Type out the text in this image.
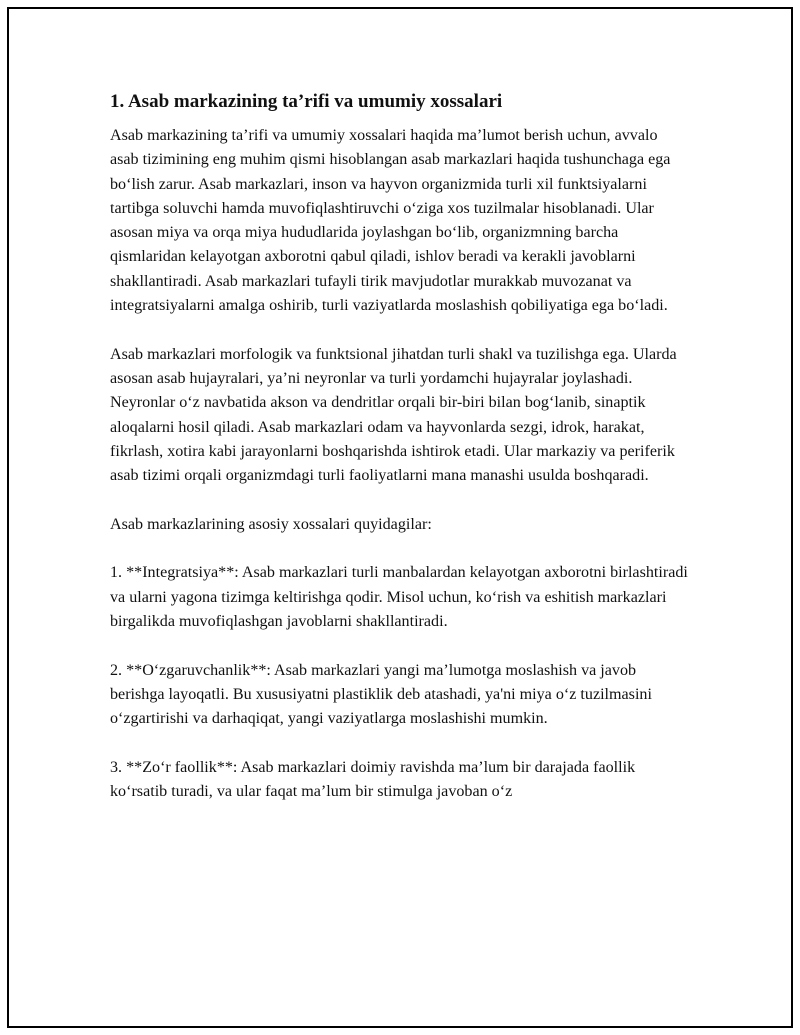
1. Asab markazining ta’rifi va umumiy xossalari

Asab markazining ta’rifi va umumiy xossalari haqida ma’lumot berish uchun, avvalo asab tizimining eng muhim qismi hisoblangan asab markazlari haqida tushunchaga ega bo‘lish zarur. Asab markazlari, inson va hayvon organizmida turli xil funktsiyalarni tartibga soluvchi hamda muvofiqlashtiruvchi o‘ziga xos tuzilmalar hisoblanadi. Ular asosan miya va orqa miya hududlarida joylashgan bo‘lib, organizmning barcha qismlaridan kelayotgan axborotni qabul qiladi, ishlov beradi va kerakli javoblarni shakllantiradi. Asab markazlari tufayli tirik mavjudotlar murakkab muvozanat va integratsiyalarni amalga oshirib, turli vaziyatlarda moslashish qobiliyatiga ega bo‘ladi.

Asab markazlari morfologik va funktsional jihatdan turli shakl va tuzilishga ega. Ularda asosan asab hujayralari, ya’ni neyronlar va turli yordamchi hujayralar joylashadi. Neyronlar o‘z navbatida akson va dendritlar orqali bir-biri bilan bog‘lanib, sinaptik aloqalarni hosil qiladi. Asab markazlari odam va hayvonlarda sezgi, idrok, harakat, fikrlash, xotira kabi jarayonlarni boshqarishda ishtirok etadi. Ular markaziy va periferik asab tizimi orqali organizmdagi turli faoliyatlarni mana manashi usulda boshqaradi.

Asab markazlarining asosiy xossalari quyidagilar:

1. **Integratsiya**: Asab markazlari turli manbalardan kelayotgan axborotni birlashtiradi va ularni yagona tizimga keltirishga qodir. Misol uchun, ko‘rish va eshitish markazlari birgalikda muvofiqlashgan javoblarni shakllantiradi.

2. **O‘zgaruvchanlik**: Asab markazlari yangi ma’lumotga moslashish va javob berishga layoqatli. Bu xususiyatni plastiklik deb atashadi, ya'ni miya o‘z tuzilmasini o‘zgartirishi va darhaqiqat, yangi vaziyatlarga moslashishi mumkin.

3. **Zo‘r faollik**: Asab markazlari doimiy ravishda ma’lum bir darajada faollik ko‘rsatib turadi, va ular faqat ma’lum bir stimulga javoban o‘z
